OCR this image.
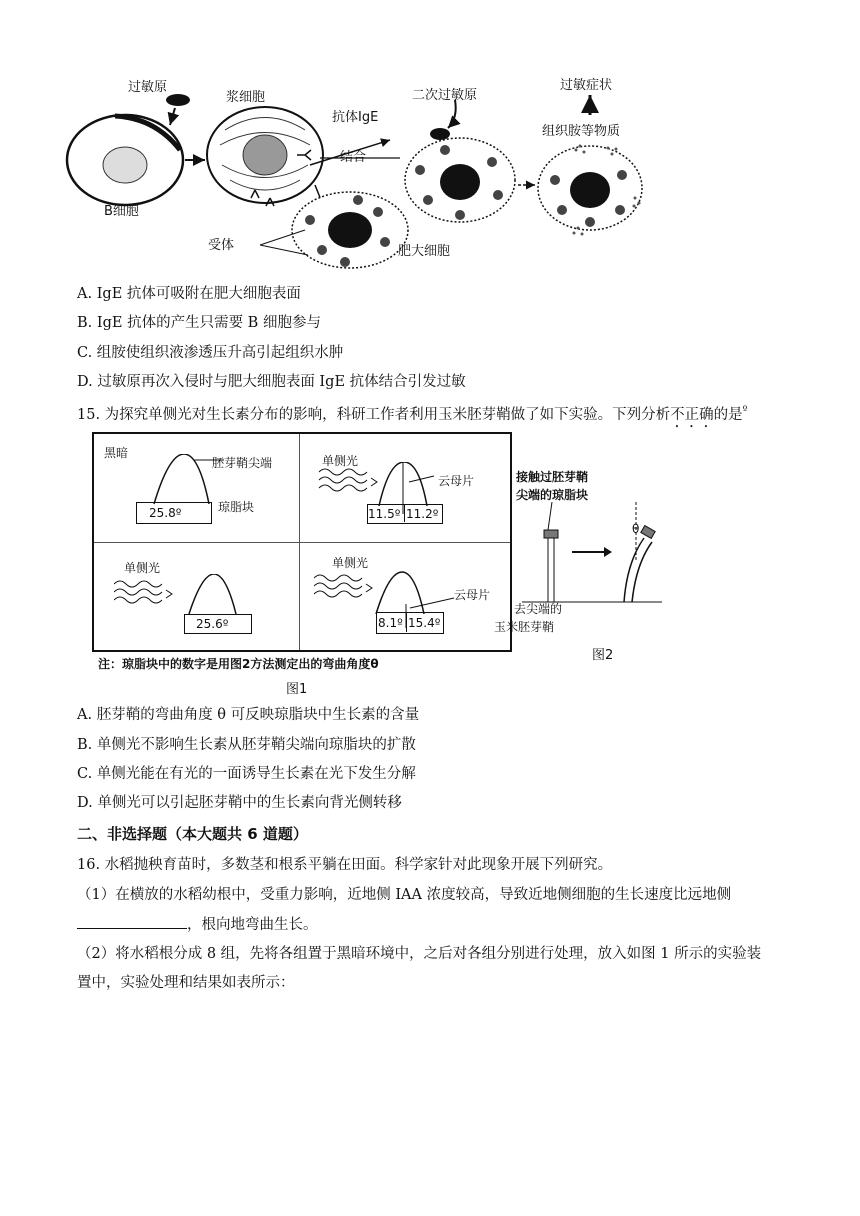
过敏原
浆细胞
抗体IgE
二次过敏原
过敏症状
组织胺等物质
结合
B细胞
受体	肥大细胞
A. IgE 抗体可吸附在肥大细胞表面
B. IgE 抗体的产生只需要 B 细胞参与
C. 组胺使组织液渗透压升高引起组织水肿
D. 过敏原再次入侵时与肥大细胞表面 IgE 抗体结合引发过敏
15. 为探究单侧光对生长素分布的影响，科研工作者利用玉米胚芽鞘做了如下实验。下列分析不正确的是$^º$
黑暗
25.8º
胚芽鞘尖端
琼脂块
单侧光
11.5º 11.2º
云母片
单侧光
25.6º
单侧光
8.1º 15.4º
云母片
注：琼脂块中的数字是用图2方法测定出的弯曲角度θ
图1
接触过胚芽鞘
尖端的琼脂块
θ
去尖端的
玉米胚芽鞘
图2
A. 胚芽鞘的弯曲角度 θ 可反映琼脂块中生长素的含量
B. 单侧光不影响生长素从胚芽鞘尖端向琼脂块的扩散
C. 单侧光能在有光的一面诱导生长素在光下发生分解
D. 单侧光可以引起胚芽鞘中的生长素向背光侧转移
二、非选择题（本大题共 6 道题）
16. 水稻抛秧育苗时，多数茎和根系平躺在田面。科学家针对此现象开展下列研究。
（1）在横放的水稻幼根中，受重力影响，近地侧 IAA 浓度较高，导致近地侧细胞的生长速度比远地侧
，根向地弯曲生长。
（2）将水稻根分成 8 组，先将各组置于黑暗环境中，之后对各组分别进行处理，放入如图 1 所示的实验装
置中，实验处理和结果如表所示：
